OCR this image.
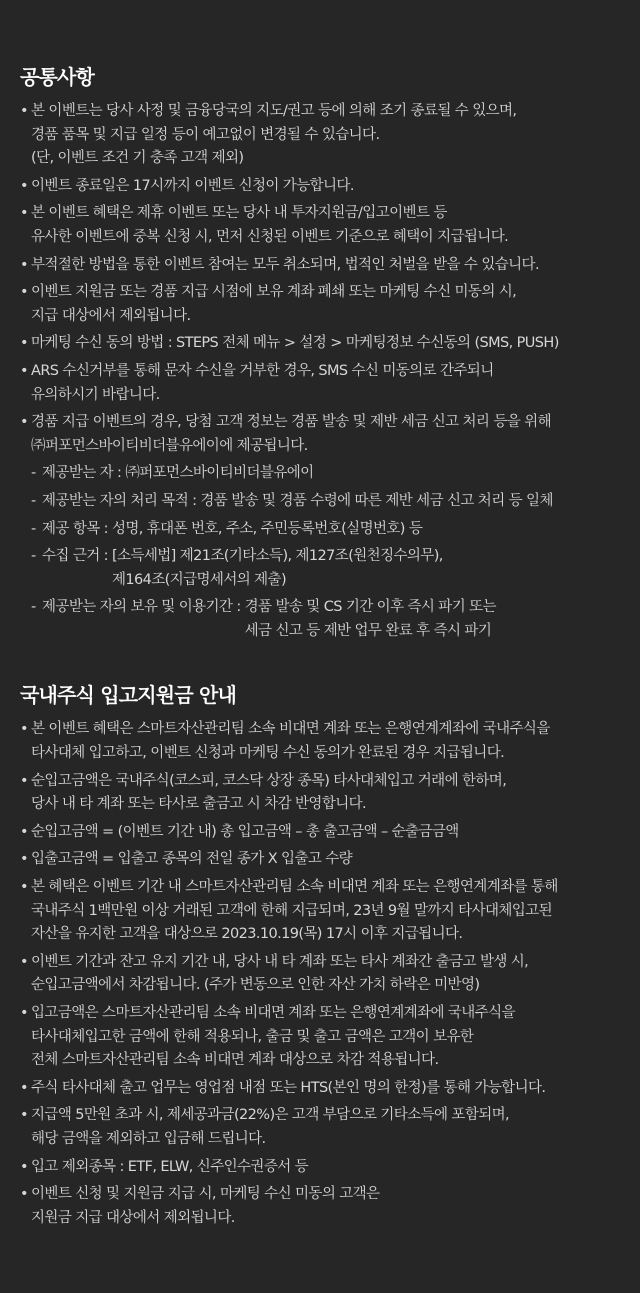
공통사항
• 본 이벤트는 당사 사정 및 금융당국의 지도/권고 등에 의해 조기 종료될 수 있으며,
경품 품목 및 지급 일정 등이 예고없이 변경될 수 있습니다.
(단, 이벤트 조건 기 충족 고객 제외)
• 이벤트 종료일은 17시까지 이벤트 신청이 가능합니다.
• 본 이벤트 혜택은 제휴 이벤트 또는 당사 내 투자지원금/입고이벤트 등
유사한 이벤트에 중복 신청 시, 먼저 신청된 이벤트 기준으로 혜택이 지급됩니다.
• 부적절한 방법을 통한 이벤트 참여는 모두 취소되며, 법적인 처벌을 받을 수 있습니다.
• 이벤트 지원금 또는 경품 지급 시점에 보유 계좌 폐쇄 또는 마케팅 수신 미동의 시,
지급 대상에서 제외됩니다.
• 마케팅 수신 동의 방법 : STEPS 전체 메뉴 > 설정 > 마케팅정보 수신동의 (SMS, PUSH)
• ARS 수신거부를 통해 문자 수신을 거부한 경우, SMS 수신 미동의로 간주되니
유의하시기 바랍니다.
• 경품 지급 이벤트의 경우, 당첨 고객 정보는 경품 발송 및 제반 세금 신고 처리 등을 위해
㈜퍼포먼스바이티비더블유에이에 제공됩니다.
- 제공받는 자 : ㈜퍼포먼스바이티비더블유에이
- 제공받는 자의 처리 목적 : 경품 발송 및 경품 수령에 따른 제반 세금 신고 처리 등 일체
- 제공 항목 : 성명, 휴대폰 번호, 주소, 주민등록번호(실명번호) 등
- 수집 근거 : [소득세법] 제21조(기타소득), 제127조(원천징수의무),
제164조(지급명세서의 제출)
- 제공받는 자의 보유 및 이용기간 : 경품 발송 및 CS 기간 이후 즉시 파기 또는
세금 신고 등 제반 업무 완료 후 즉시 파기
국내주식 입고지원금 안내
• 본 이벤트 혜택은 스마트자산관리팀 소속 비대면 계좌 또는 은행연계계좌에 국내주식을
타사대체 입고하고, 이벤트 신청과 마케팅 수신 동의가 완료된 경우 지급됩니다.
• 순입고금액은 국내주식(코스피, 코스닥 상장 종목) 타사대체입고 거래에 한하며,
당사 내 타 계좌 또는 타사로 출금고 시 차감 반영합니다.
• 순입고금액 = (이벤트 기간 내) 총 입고금액 – 총 출고금액 – 순출금금액
• 입출고금액 = 입출고 종목의 전일 종가 X 입출고 수량
• 본 혜택은 이벤트 기간 내 스마트자산관리팀 소속 비대면 계좌 또는 은행연계계좌를 통해
국내주식 1백만원 이상 거래된 고객에 한해 지급되며, 23년 9월 말까지 타사대체입고된
자산을 유지한 고객을 대상으로 2023.10.19(목) 17시 이후 지급됩니다.
• 이벤트 기간과 잔고 유지 기간 내, 당사 내 타 계좌 또는 타사 계좌간 출금고 발생 시,
순입고금액에서 차감됩니다. (주가 변동으로 인한 자산 가치 하락은 미반영)
• 입고금액은 스마트자산관리팀 소속 비대면 계좌 또는 은행연계계좌에 국내주식을
타사대체입고한 금액에 한해 적용되나, 출금 및 출고 금액은 고객이 보유한
전체 스마트자산관리팀 소속 비대면 계좌 대상으로 차감 적용됩니다.
• 주식 타사대체 출고 업무는 영업점 내점 또는 HTS(본인 명의 한정)를 통해 가능합니다.
• 지급액 5만원 초과 시, 제세공과금(22%)은 고객 부담으로 기타소득에 포함되며,
해당 금액을 제외하고 입금해 드립니다.
• 입고 제외종목 : ETF, ELW, 신주인수권증서 등
• 이벤트 신청 및 지원금 지급 시, 마케팅 수신 미동의 고객은
지원금 지급 대상에서 제외됩니다.
